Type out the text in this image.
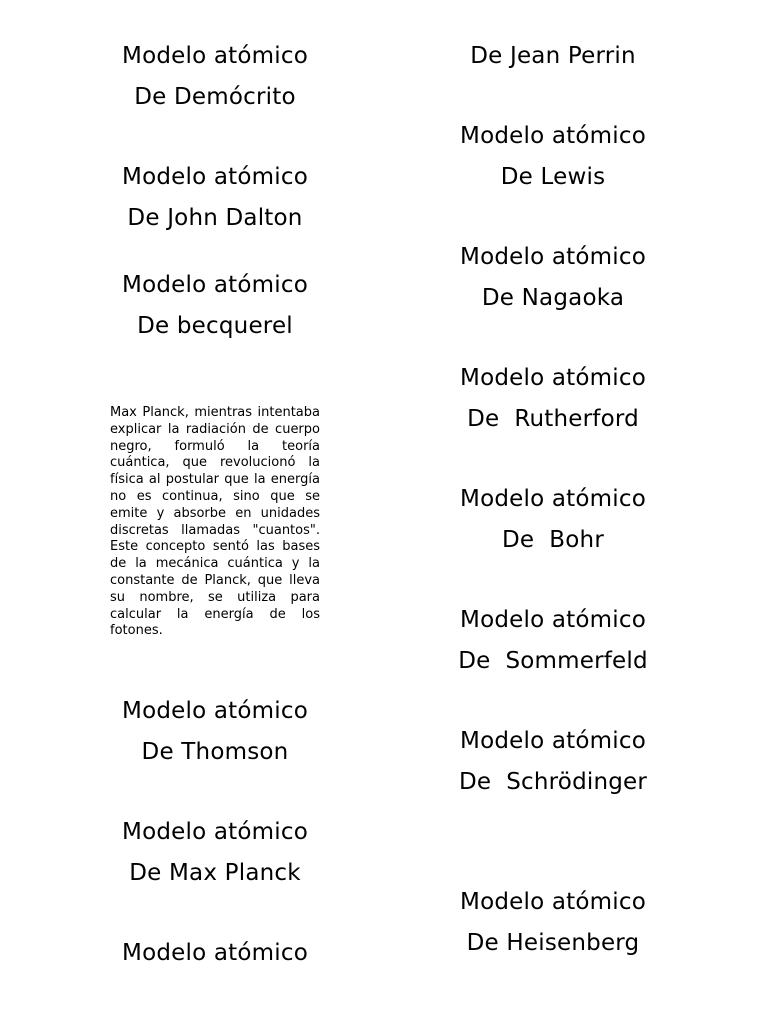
Modelo atómico
De Demócrito
Modelo atómico
De John Dalton
Modelo atómico
De becquerel

Max Planck, mientras intentaba explicar la radiación de cuerpo negro, formuló la teoría cuántica, que revolucionó la física al postular que la energía no es continua, sino que se emite y absorbe en unidades discretas llamadas "cuantos". Este concepto sentó las bases de la mecánica cuántica y la constante de Planck, que lleva su nombre, se utiliza para calcular la energía de los fotones.

Modelo atómico
De Thomson
Modelo atómico
De Max Planck
Modelo atómico
De Jean Perrin
Modelo atómico
De Lewis
Modelo atómico
De Nagaoka
Modelo atómico
De  Rutherford
Modelo atómico
De  Bohr
Modelo atómico
De  Sommerfeld
Modelo atómico
De  Schrödinger
Modelo atómico
De Heisenberg
